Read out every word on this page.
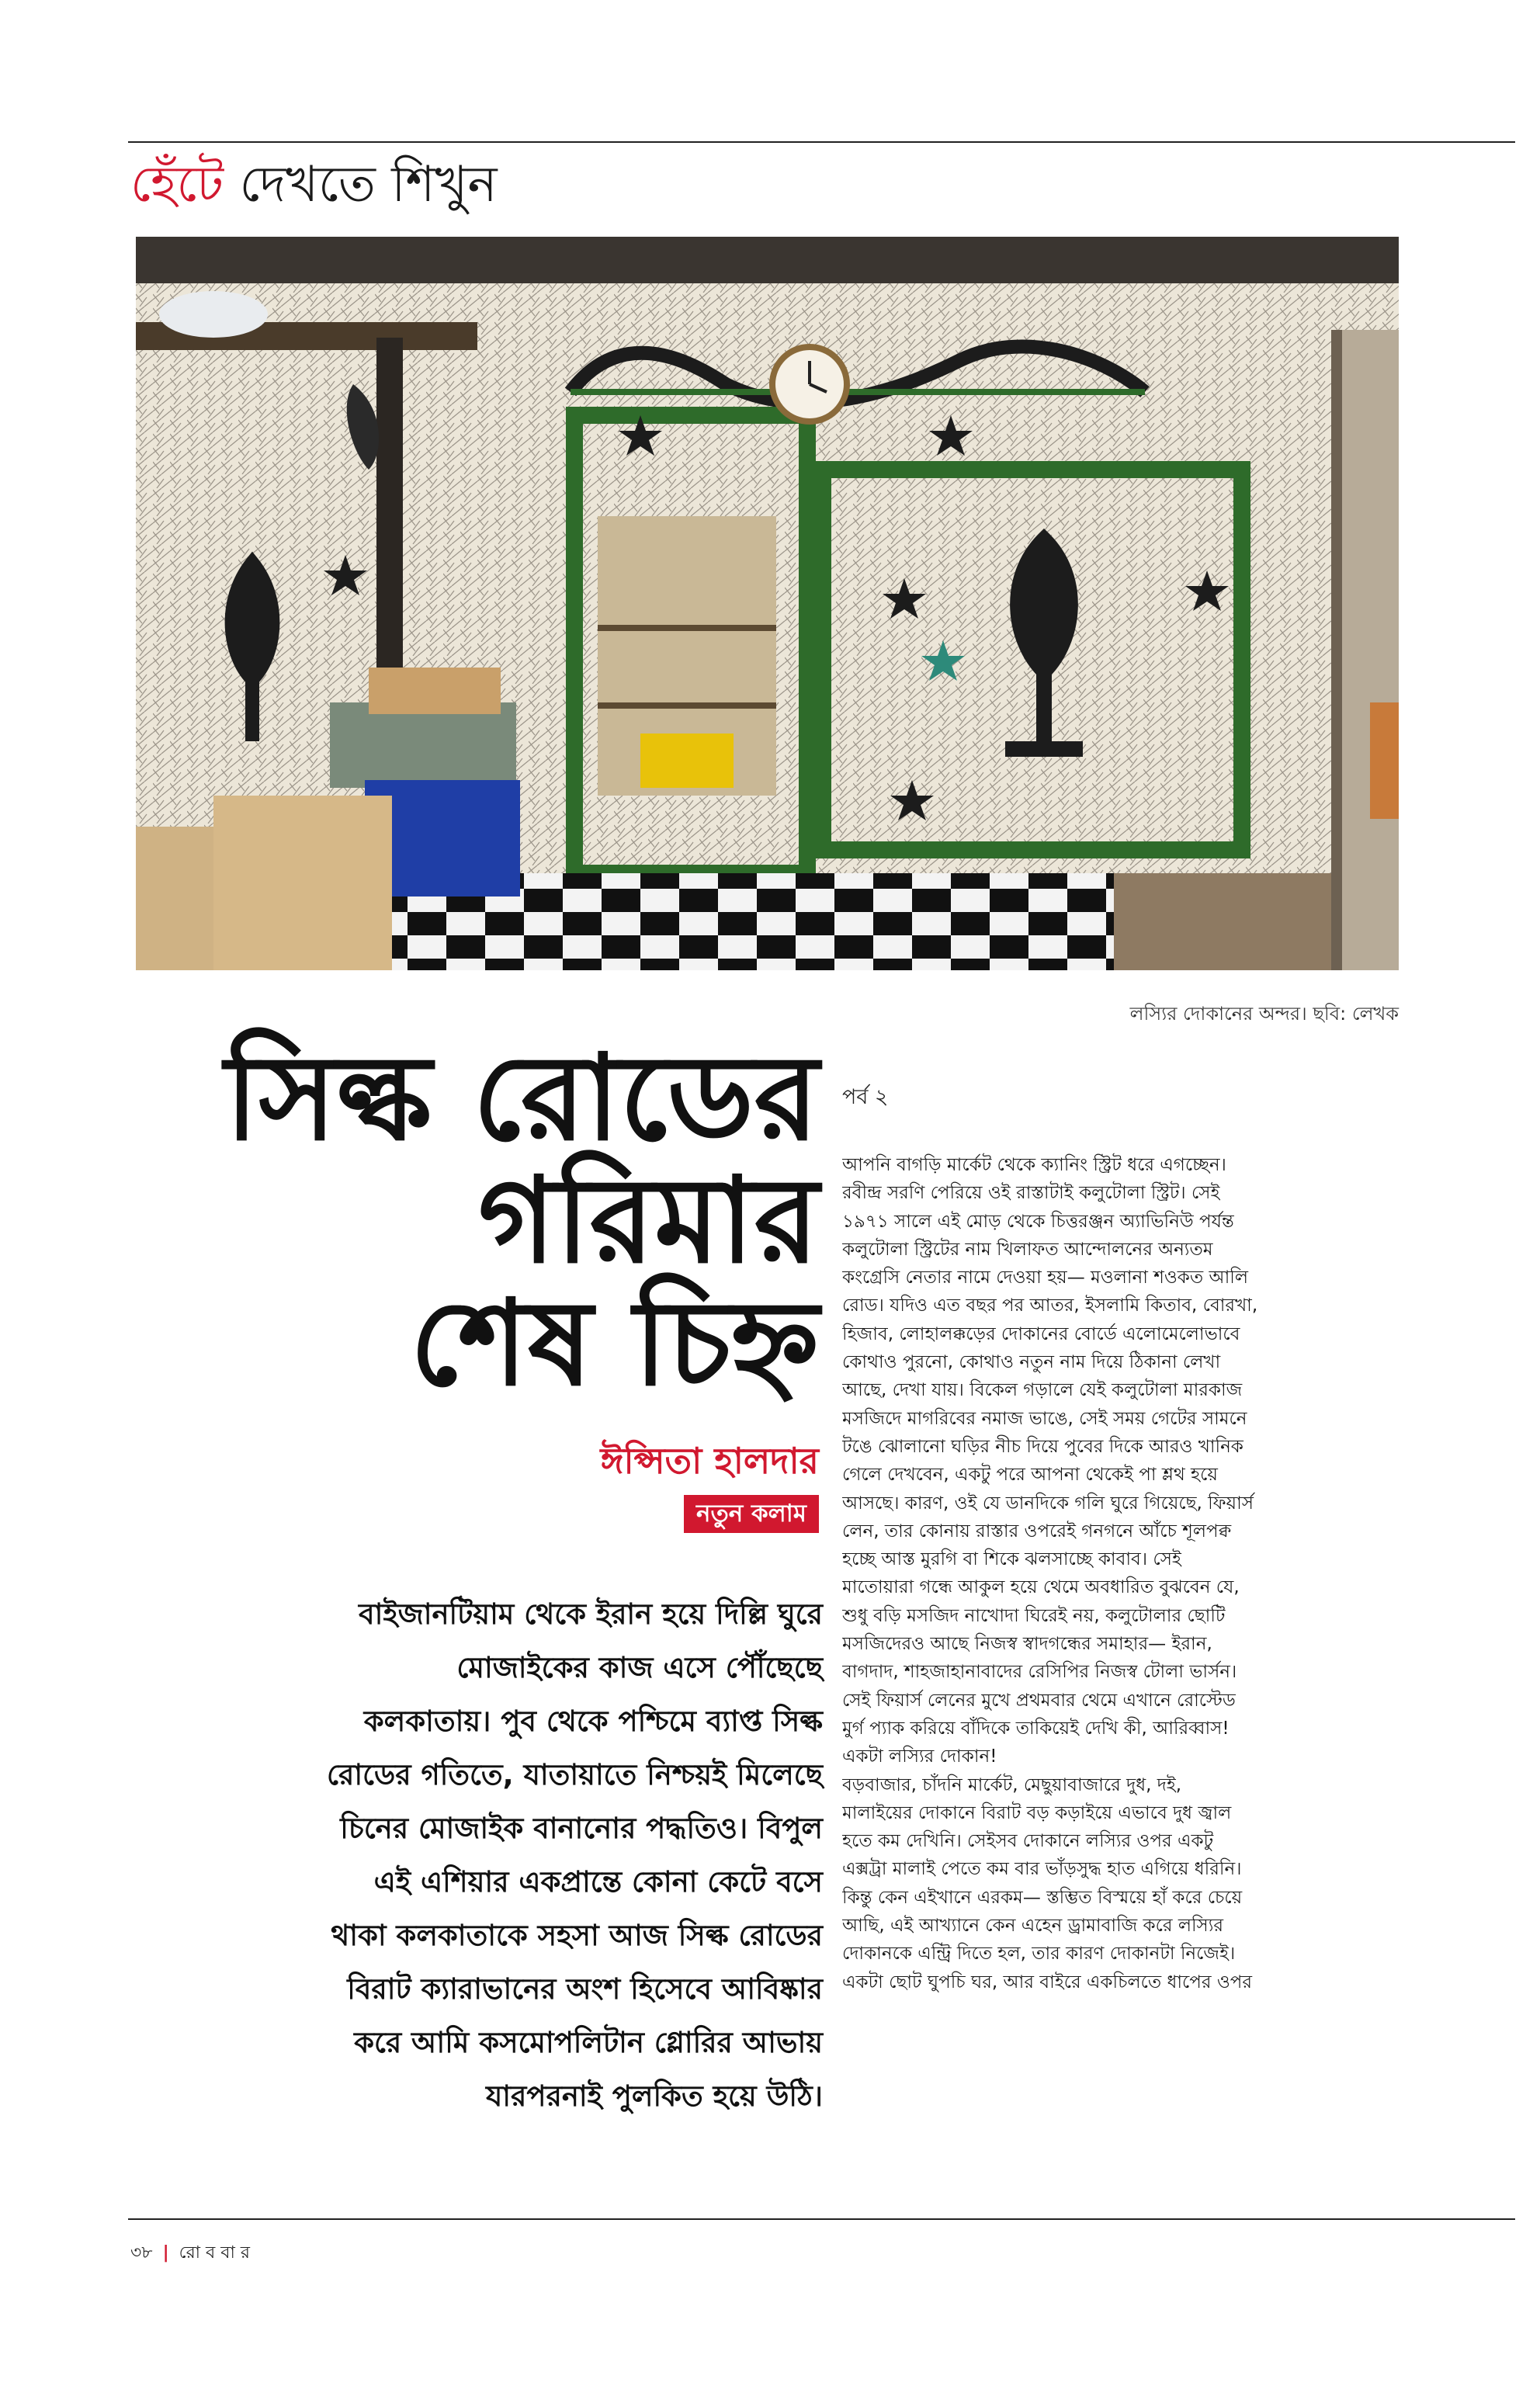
হেঁটে দেখতে শিখুন
লস্যির দোকানের অন্দর। ছবি: লেখক
সিল্ক রোডের
গরিমার
শেষ চিহ্ন
ঈপ্সিতা হালদার
নতুন কলাম
বাইজানটিয়াম থেকে ইরান হয়ে দিল্লি ঘুরে
মোজাইকের কাজ এসে পৌঁছেছে
কলকাতায়। পুব থেকে পশ্চিমে ব্যাপ্ত সিল্ক
রোডের গতিতে, যাতায়াতে নিশ্চয়ই মিলেছে
চিনের মোজাইক বানানোর পদ্ধতিও। বিপুল
এই এশিয়ার একপ্রান্তে কোনা কেটে বসে
থাকা কলকাতাকে সহসা আজ সিল্ক রোডের
বিরাট ক্যারাভানের অংশ হিসেবে আবিষ্কার
করে আমি কসমোপলিটান গ্লোরির আভায়
যারপরনাই পুলকিত হয়ে উঠি।
পর্ব ২
আপনি বাগড়ি মার্কেট থেকে ক্যানিং স্ট্রিট ধরে এগচ্ছেন।
রবীন্দ্র সরণি পেরিয়ে ওই রাস্তাটাই কলুটোলা স্ট্রিট। সেই
১৯৭১ সালে এই মোড় থেকে চিত্তরঞ্জন অ্যাভিনিউ পর্যন্ত
কলুটোলা স্ট্রিটের নাম খিলাফত আন্দোলনের অন্যতম
কংগ্রেসি নেতার নামে দেওয়া হয়— মওলানা শওকত আলি
রোড। যদিও এত বছর পর আতর, ইসলামি কিতাব, বোরখা,
হিজাব, লোহালক্কড়ের দোকানের বোর্ডে এলোমেলোভাবে
কোথাও পুরনো, কোথাও নতুন নাম দিয়ে ঠিকানা লেখা
আছে, দেখা যায়। বিকেল গড়ালে যেই কলুটোলা মারকাজ
মসজিদে মাগরিবের নমাজ ভাঙে, সেই সময় গেটের সামনে
টঙে ঝোলানো ঘড়ির নীচ দিয়ে পুবের দিকে আরও খানিক
গেলে দেখবেন, একটু পরে আপনা থেকেই পা শ্লথ হয়ে
আসছে। কারণ, ওই যে ডানদিকে গলি ঘুরে গিয়েছে, ফিয়ার্স
লেন, তার কোনায় রাস্তার ওপরেই গনগনে আঁচে শূলপক্ব
হচ্ছে আস্ত মুরগি বা শিকে ঝলসাচ্ছে কাবাব। সেই
মাতোয়ারা গন্ধে আকুল হয়ে থেমে অবধারিত বুঝবেন যে,
শুধু বড়ি মসজিদ নাখোদা ঘিরেই নয়, কলুটোলার ছোটি
মসজিদেরও আছে নিজস্ব স্বাদগন্ধের সমাহার— ইরান,
বাগদাদ, শাহজাহানাবাদের রেসিপির নিজস্ব টোলা ভার্সন।
সেই ফিয়ার্স লেনের মুখে প্রথমবার থেমে এখানে রোস্টেড
মুর্গ প্যাক করিয়ে বাঁদিকে তাকিয়েই দেখি কী, আরিব্বাস!
একটা লস্যির দোকান!
বড়বাজার, চাঁদনি মার্কেট, মেছুয়াবাজারে দুধ, দই,
মালাইয়ের দোকানে বিরাট বড় কড়াইয়ে এভাবে দুধ জ্বাল
হতে কম দেখিনি। সেইসব দোকানে লস্যির ওপর একটু
এক্সট্রা মালাই পেতে কম বার ভাঁড়সুদ্ধ হাত এগিয়ে ধরিনি।
কিন্তু কেন এইখানে এরকম— স্তম্ভিত বিস্ময়ে হাঁ করে চেয়ে
আছি, এই আখ্যানে কেন এহেন ড্রামাবাজি করে লস্যির
দোকানকে এন্ট্রি দিতে হল, তার কারণ দোকানটা নিজেই।
একটা ছোট ঘুপচি ঘর, আর বাইরে একচিলতে ধাপের ওপর
৩৮ | রো ব বা র
